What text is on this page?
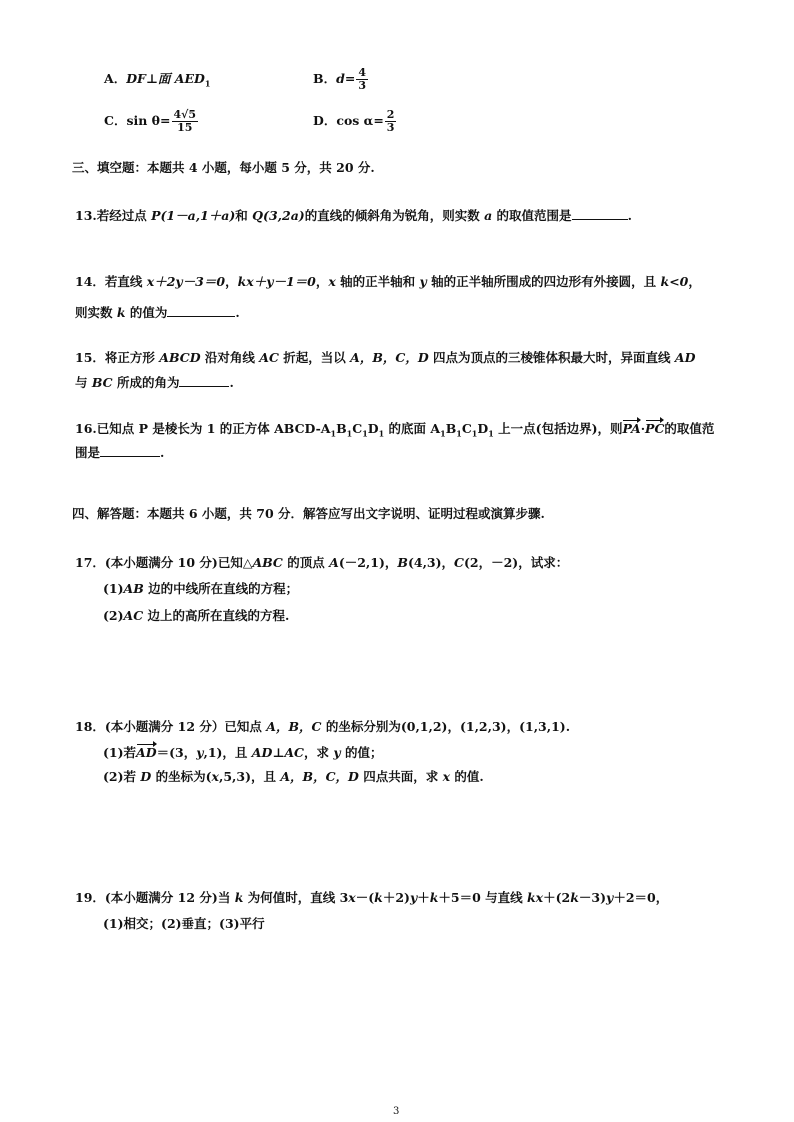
A．DF⊥面 $AED_1$	B．$d= \frac{4}{3}$
C．$\sin \theta= \frac{4√5}{15}$	D．$\cos \alpha= \frac{2}{3}$
三、填空题：本题共 4 小题，每小题 5 分，共 20 分.
13.若经过点 P(1－a,1＋a)和 Q(3,2a)的直线的倾斜角为锐角，则实数 a 的取值范围是	.
14．若直线 x＋2y－3＝0，kx＋y－1＝0，x 轴的正半轴和 y 轴的正半轴所围成的四边形有外接圆，且 k<0，
则实数 k 的值为	.
15．将正方形 ABCD 沿对角线 AC 折起，当以 A，B，C，D 四点为顶点的三棱锥体积最大时，异面直线 AD
与 BC 所成的角为	.
16.已知点 P 是棱长为 1 的正方体 ABCD-$A_1B_1C_1D_1$ 的底面 $A_1B_1C_1D_1$ 上一点(包括边界)，则PA·PC的取值范
围是	.
四、解答题：本题共 6 小题，共 70 分．解答应写出文字说明、证明过程或演算步骤.
17．(本小题满分 10 分)已知△ABC 的顶点 A(－2,1)，B(4,3)，C(2，－2)，试求：
(1)AB 边的中线所在直线的方程；
(2)AC 边上的高所在直线的方程.
18．(本小题满分 12 分）已知点 A，B，C 的坐标分别为(0,1,2)，(1,2,3)，(1,3,1).
(1)若AD＝(3，y,1)，且 AD⊥AC，求 y 的值；
(2)若 D 的坐标为(x,5,3)，且 A，B，C，D 四点共面，求 x 的值.
19．(本小题满分 12 分)当 k 为何值时，直线 3x－(k＋2)y＋k＋5＝0 与直线 kx＋(2k－3)y＋2＝0，
(1)相交；(2)垂直；(3)平行
3
